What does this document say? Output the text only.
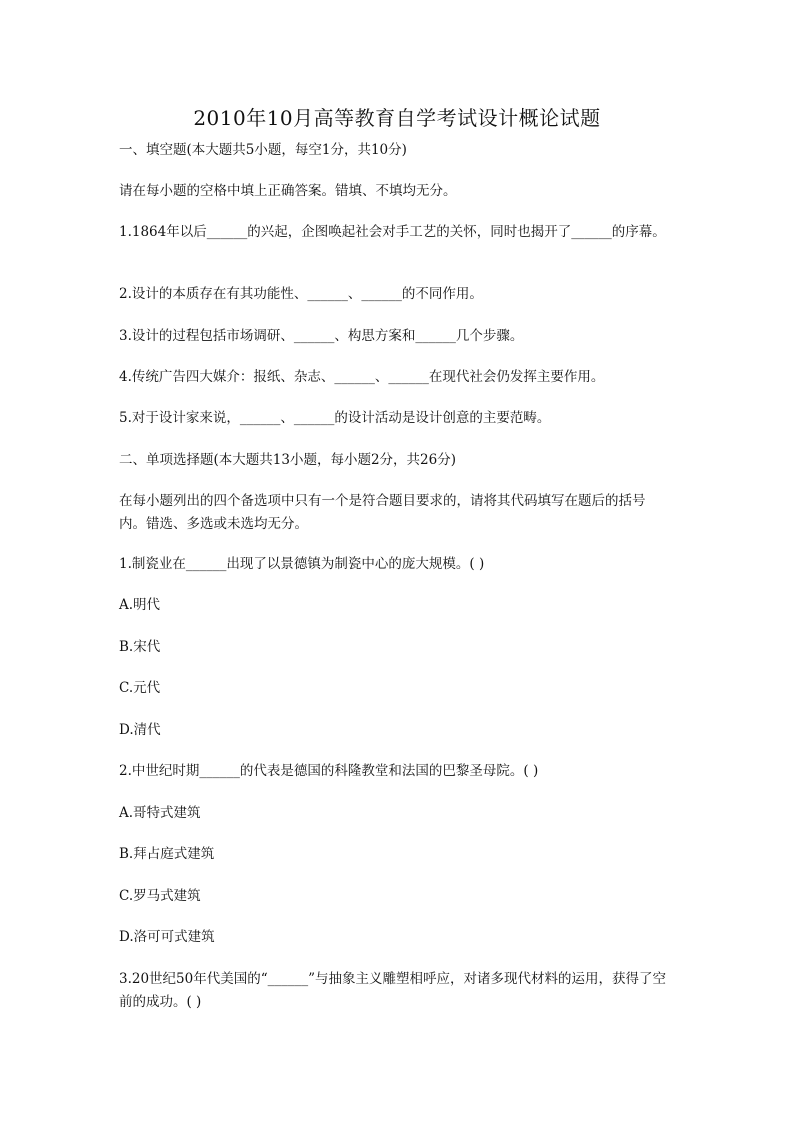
2010年10月高等教育自学考试设计概论试题
一、填空题(本大题共5小题，每空1分，共10分)
请在每小题的空格中填上正确答案。错填、不填均无分。
1.1864年以后______的兴起，企图唤起社会对手工艺的关怀，同时也揭开了______的序幕。
2.设计的本质存在有其功能性、______、______的不同作用。
3.设计的过程包括市场调研、______、构思方案和______几个步骤。
4.传统广告四大媒介：报纸、杂志、______、______在现代社会仍发挥主要作用。
5.对于设计家来说，______、______的设计活动是设计创意的主要范畴。
二、单项选择题(本大题共13小题，每小题2分，共26分)
在每小题列出的四个备选项中只有一个是符合题目要求的，请将其代码填写在题后的括号内。错选、多选或未选均无分。
1.制瓷业在______出现了以景德镇为制瓷中心的庞大规模。( )
A.明代
B.宋代
C.元代
D.清代
2.中世纪时期______的代表是德国的科隆教堂和法国的巴黎圣母院。( )
A.哥特式建筑
B.拜占庭式建筑
C.罗马式建筑
D.洛可可式建筑
3.20世纪50年代美国的“______”与抽象主义雕塑相呼应，对诸多现代材料的运用，获得了空前的成功。( )
